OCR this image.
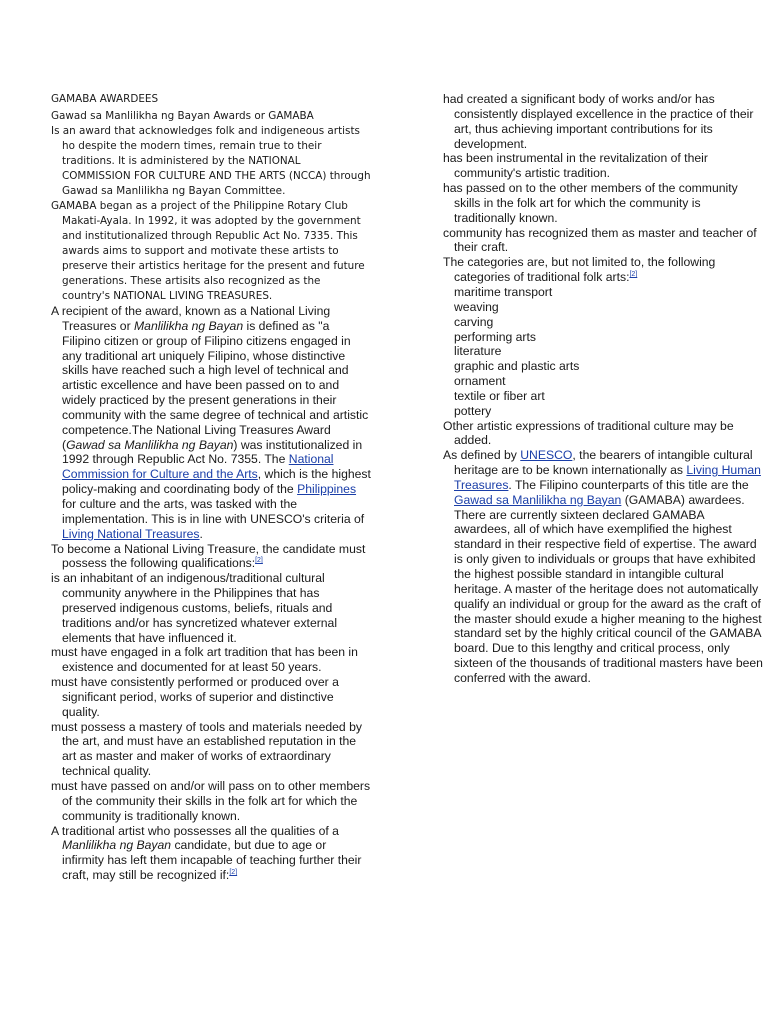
GAMABA AWARDEES
Gawad sa Manlilikha ng Bayan Awards or GAMABA

Is an award that acknowledges folk and indigeneous artists ho despite the modern times, remain true to their traditions. It is administered by the NATIONAL COMMISSION FOR CULTURE AND THE ARTS (NCCA) through Gawad sa Manlilikha ng Bayan Committee.

GAMABA began as a project of the Philippine Rotary Club Makati-Ayala. In 1992, it was adopted by the government and institutionalized through Republic Act No. 7335. This awards aims to support and motivate these artists to preserve their artistics heritage for the present and future generations. These artisits also recognized as the country's NATIONAL LIVING TREASURES.

A recipient of the award, known as a National Living Treasures or Manlilikha ng Bayan is defined as "a Filipino citizen or group of Filipino citizens engaged in any traditional art uniquely Filipino, whose distinctive skills have reached such a high level of technical and artistic excellence and have been passed on to and widely practiced by the present generations in their community with the same degree of technical and artistic competence.The National Living Treasures Award (Gawad sa Manlilikha ng Bayan) was institutionalized in 1992 through Republic Act No. 7355. The National Commission for Culture and the Arts, which is the highest policy-making and coordinating body of the Philippines for culture and the arts, was tasked with the implementation. This is in line with UNESCO's criteria of Living National Treasures.

To become a National Living Treasure, the candidate must possess the following qualifications:[2]

is an inhabitant of an indigenous/traditional cultural community anywhere in the Philippines that has preserved indigenous customs, beliefs, rituals and traditions and/or has syncretized whatever external elements that have influenced it.

must have engaged in a folk art tradition that has been in existence and documented for at least 50 years.

must have consistently performed or produced over a significant period, works of superior and distinctive quality.

must possess a mastery of tools and materials needed by the art, and must have an established reputation in the art as master and maker of works of extraordinary technical quality.

must have passed on and/or will pass on to other members of the community their skills in the folk art for which the community is traditionally known.

A traditional artist who possesses all the qualities of a Manlilikha ng Bayan candidate, but due to age or infirmity has left them incapable of teaching further their craft, may still be recognized if:[2]

had created a significant body of works and/or has consistently displayed excellence in the practice of their art, thus achieving important contributions for its development.

has been instrumental in the revitalization of their community's artistic tradition.

has passed on to the other members of the community skills in the folk art for which the community is traditionally known.

community has recognized them as master and teacher of their craft.

The categories are, but not limited to, the following categories of traditional folk arts:[2]

maritime transport

weaving

carving

performing arts

literature

graphic and plastic arts

ornament

textile or fiber art

pottery

Other artistic expressions of traditional culture may be added.

As defined by UNESCO, the bearers of intangible cultural heritage are to be known internationally as Living Human Treasures. The Filipino counterparts of this title are the Gawad sa Manlilikha ng Bayan (GAMABA) awardees. There are currently sixteen declared GAMABA awardees, all of which have exemplified the highest standard in their respective field of expertise. The award is only given to individuals or groups that have exhibited the highest possible standard in intangible cultural heritage. A master of the heritage does not automatically qualify an individual or group for the award as the craft of the master should exude a higher meaning to the highest standard set by the highly critical council of the GAMABA board. Due to this lengthy and critical process, only sixteen of the thousands of traditional masters have been conferred with the award.
